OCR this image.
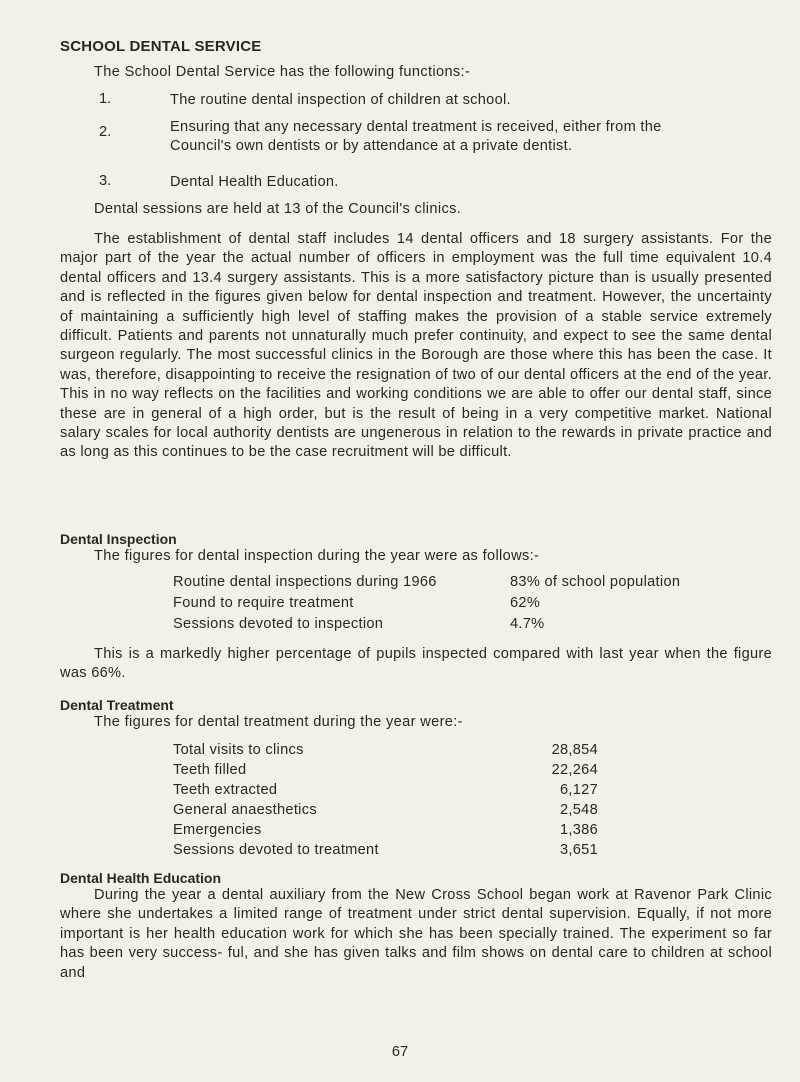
SCHOOL DENTAL SERVICE
The School Dental Service has the following functions:-
1.	The routine dental inspection of children at school.
2.	Ensuring that any necessary dental treatment is received, either from the Council's own dentists or by attendance at a private dentist.
3.	Dental Health Education.
Dental sessions are held at 13 of the Council's clinics.
The establishment of dental staff includes 14 dental officers and 18 surgery assistants. For the major part of the year the actual number of officers in employment was the full time equivalent 10.4 dental officers and 13.4 surgery assistants. This is a more satisfactory picture than is usually presented and is reflected in the figures given below for dental inspection and treatment. However, the uncertainty of maintaining a sufficiently high level of staffing makes the provision of a stable service extremely difficult. Patients and parents not unnaturally much prefer continuity, and expect to see the same dental surgeon regularly. The most successful clinics in the Borough are those where this has been the case. It was, therefore, disappointing to receive the resignation of two of our dental officers at the end of the year. This in no way reflects on the facilities and working conditions we are able to offer our dental staff, since these are in general of a high order, but is the result of being in a very competitive market. National salary scales for local authority dentists are ungenerous in relation to the rewards in private practice and as long as this continues to be the case recruitment will be difficult.
Dental Inspection
The figures for dental inspection during the year were as follows:-
Routine dental inspections during 1966	83% of school population
Found to require treatment	62%
Sessions devoted to inspection	4.7%
This is a markedly higher percentage of pupils inspected compared with last year when the figure was 66%.
Dental Treatment
The figures for dental treatment during the year were:-
Total visits to clincs	28,854
Teeth filled	22,264
Teeth extracted	6,127
General anaesthetics	2,548
Emergencies	1,386
Sessions devoted to treatment	3,651
Dental Health Education
During the year a dental auxiliary from the New Cross School began work at Ravenor Park Clinic where she undertakes a limited range of treatment under strict dental supervision. Equally, if not more important is her health education work for which she has been specially trained. The experiment so far has been very success- ful, and she has given talks and film shows on dental care to children at school and
67
